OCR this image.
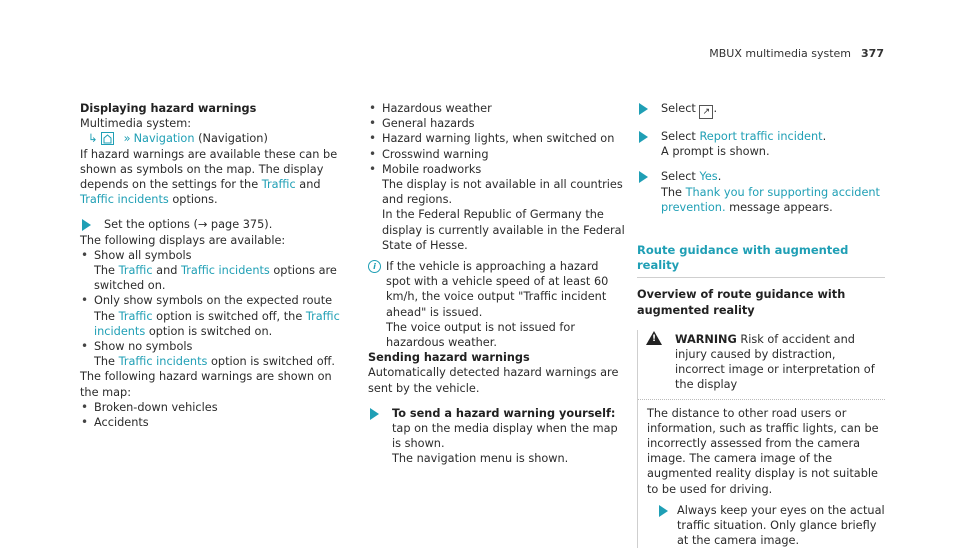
MBUX multimedia system 377

Displaying hazard warnings

Multimedia system:

↳ » Navigation (Navigation)

If hazard warnings are available these can be shown as symbols on the map. The display depends on the settings for the Traffic and Traffic incidents options.

Set the options (→ page 375).

The following displays are available:

• Show all symbols

The Traffic and Traffic incidents options are switched on.

• Only show symbols on the expected route

The Traffic option is switched off, the Traffic incidents option is switched on.

• Show no symbols

The Traffic incidents option is switched off.

The following hazard warnings are shown on the map:

• Broken-down vehicles

• Accidents

• Hazardous weather

• General hazards

• Hazard warning lights, when switched on

• Crosswind warning

• Mobile roadworks

The display is not available in all countries and regions.

In the Federal Republic of Germany the display is currently available in the Federal State of Hesse.

i If the vehicle is approaching a hazard spot with a vehicle speed of at least 60 km/h, the voice output "Traffic incident ahead" is issued.

The voice output is not issued for hazardous weather.

Sending hazard warnings

Automatically detected hazard warnings are sent by the vehicle.

To send a hazard warning yourself: tap on the media display when the map is shown.

The navigation menu is shown.

Select ↗ .

Select Report traffic incident.

A prompt is shown.

Select Yes.

The Thank you for supporting accident prevention. message appears.

Route guidance with augmented reality

Overview of route guidance with augmented reality

! WARNING Risk of accident and injury caused by distraction, incorrect image or interpretation of the display

The distance to other road users or information, such as traffic lights, can be incorrectly assessed from the camera image. The camera image of the augmented reality display is not suitable to be used for driving.

Always keep your eyes on the actual traffic situation. Only glance briefly at the camera image.
